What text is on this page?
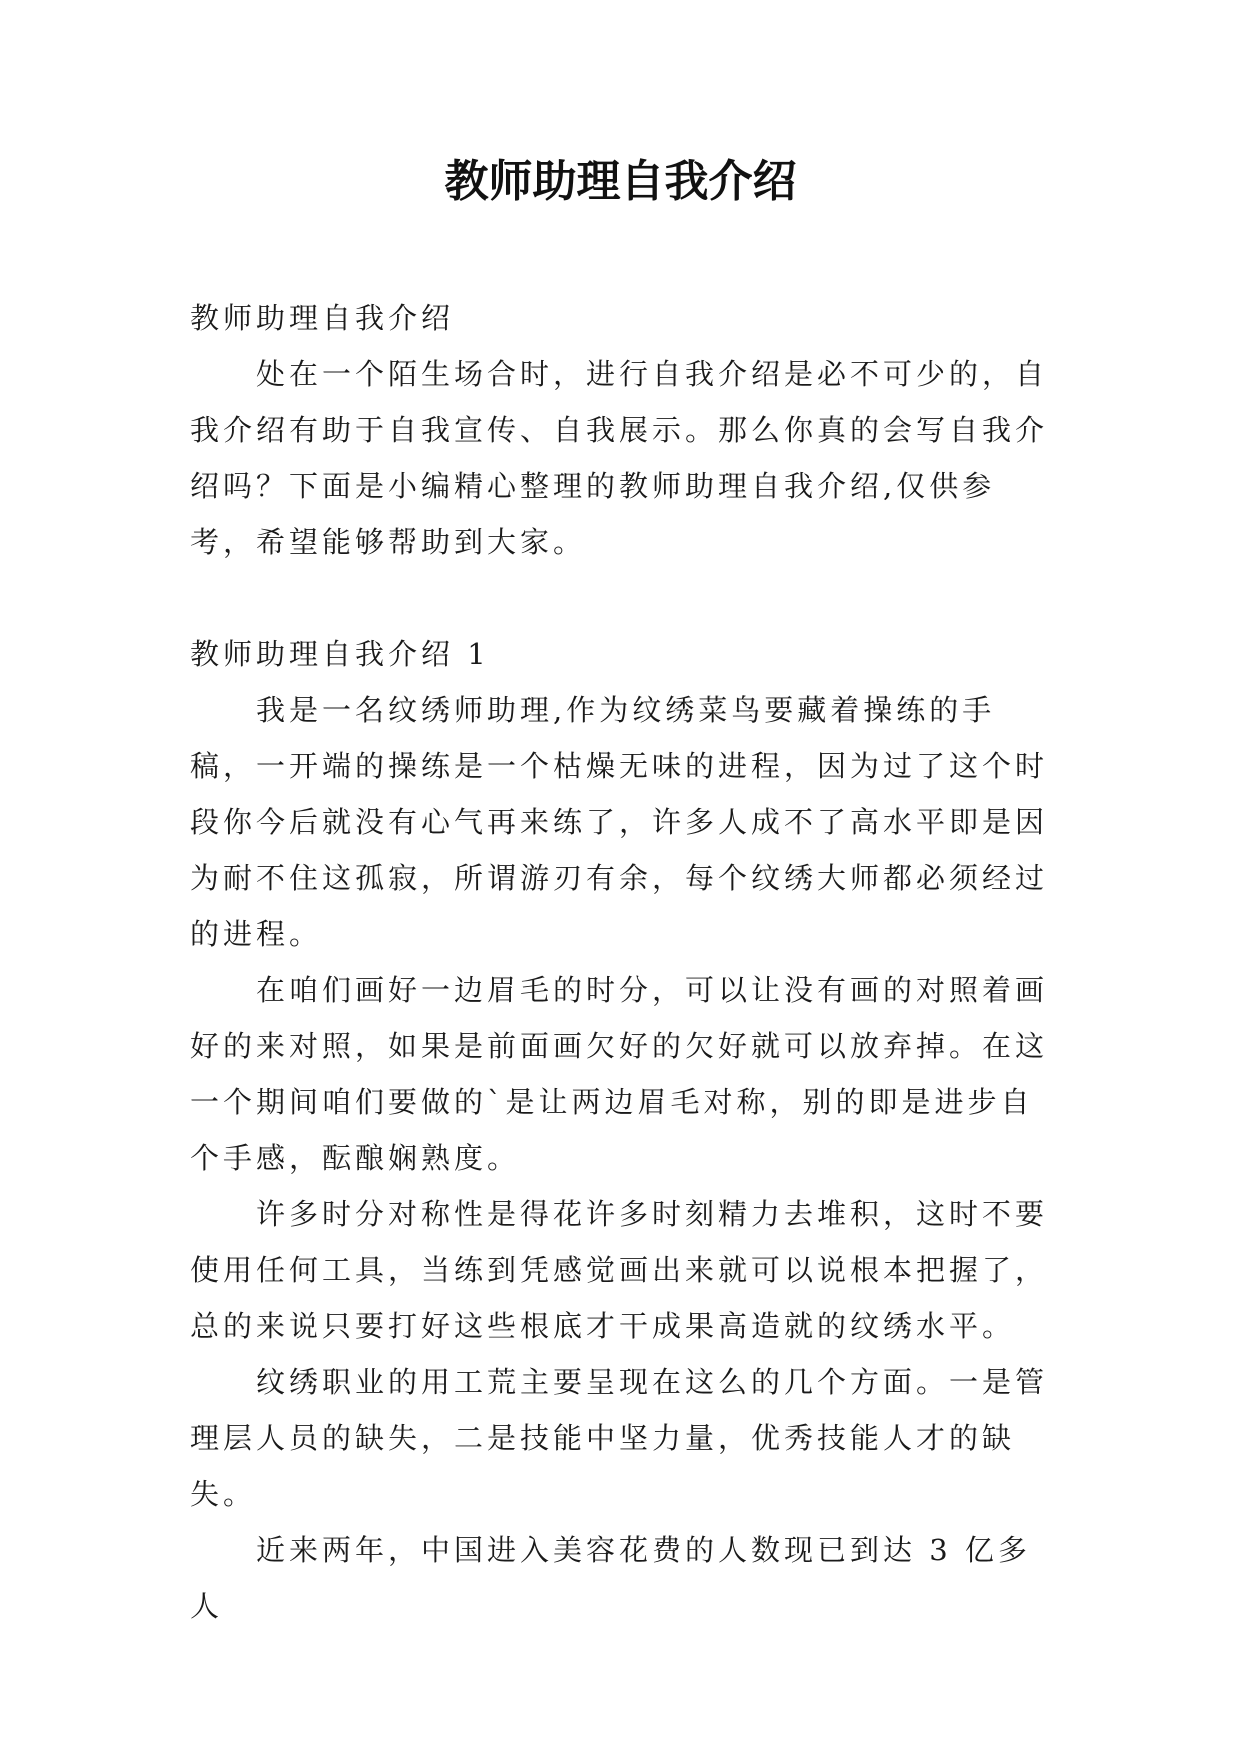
教师助理自我介绍

教师助理自我介绍

处在一个陌生场合时，进行自我介绍是必不可少的，自我介绍有助于自我宣传、自我展示。那么你真的会写自我介绍吗？下面是小编精心整理的教师助理自我介绍,仅供参考，希望能够帮助到大家。

教师助理自我介绍 1

我是一名纹绣师助理,作为纹绣菜鸟要藏着操练的手稿，一开端的操练是一个枯燥无味的进程，因为过了这个时段你今后就没有心气再来练了，许多人成不了高水平即是因为耐不住这孤寂，所谓游刃有余，每个纹绣大师都必须经过的进程。

在咱们画好一边眉毛的时分，可以让没有画的对照着画好的来对照，如果是前面画欠好的欠好就可以放弃掉。在这一个期间咱们要做的`是让两边眉毛对称，别的即是进步自个手感，酝酿娴熟度。

许多时分对称性是得花许多时刻精力去堆积，这时不要使用任何工具，当练到凭感觉画出来就可以说根本把握了，总的来说只要打好这些根底才干成果高造就的纹绣水平。

纹绣职业的用工荒主要呈现在这么的几个方面。一是管理层人员的缺失，二是技能中坚力量，优秀技能人才的缺失。

近来两年，中国进入美容花费的人数现已到达 3 亿多人
